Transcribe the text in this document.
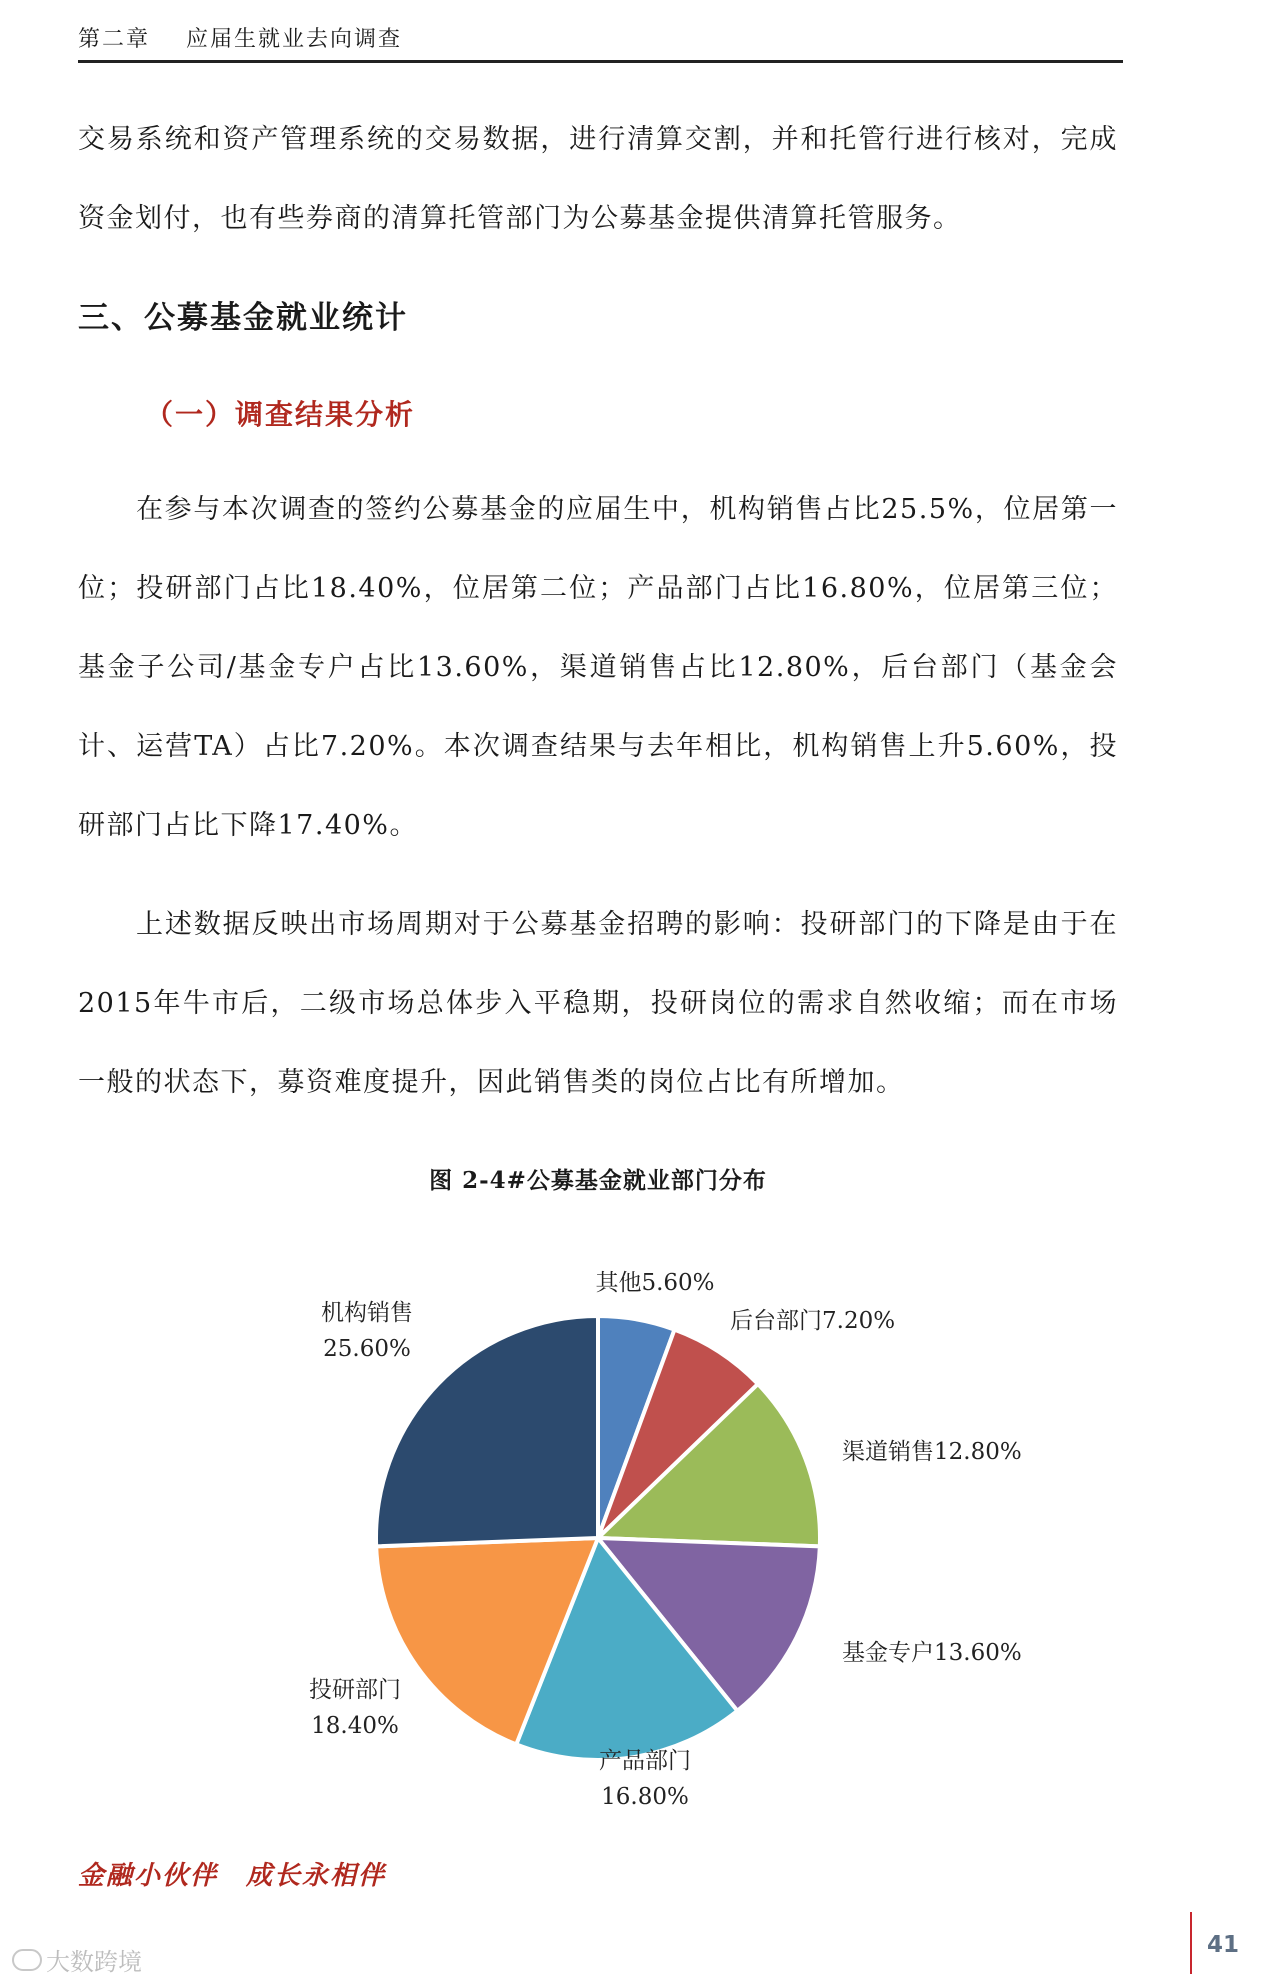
第二章 应届生就业去向调查
交易系统和资产管理系统的交易数据，进行清算交割，并和托管行进行核对，完成资金划付，也有些券商的清算托管部门为公募基金提供清算托管服务。
三、公募基金就业统计
（一）调查结果分析
在参与本次调查的签约公募基金的应届生中，机构销售占比25.5%，位居第一位；投研部门占比18.40%，位居第二位；产品部门占比16.80%，位居第三位；基金子公司/基金专户占比13.60%，渠道销售占比12.80%，后台部门（基金会计、运营TA）占比7.20%。本次调查结果与去年相比，机构销售上升5.60%，投研部门占比下降17.40%。
上述数据反映出市场周期对于公募基金招聘的影响：投研部门的下降是由于在2015年牛市后，二级市场总体步入平稳期，投研岗位的需求自然收缩；而在市场一般的状态下，募资难度提升，因此销售类的岗位占比有所增加。
图 2-4#公募基金就业部门分布
其他5.60%
后台部门7.20%
渠道销售12.80%
基金专户13.60%
产品部门 16.80%
投研部门 18.40%
机构销售 25.60%
金融小伙伴　成长永相伴
41
大数跨境
